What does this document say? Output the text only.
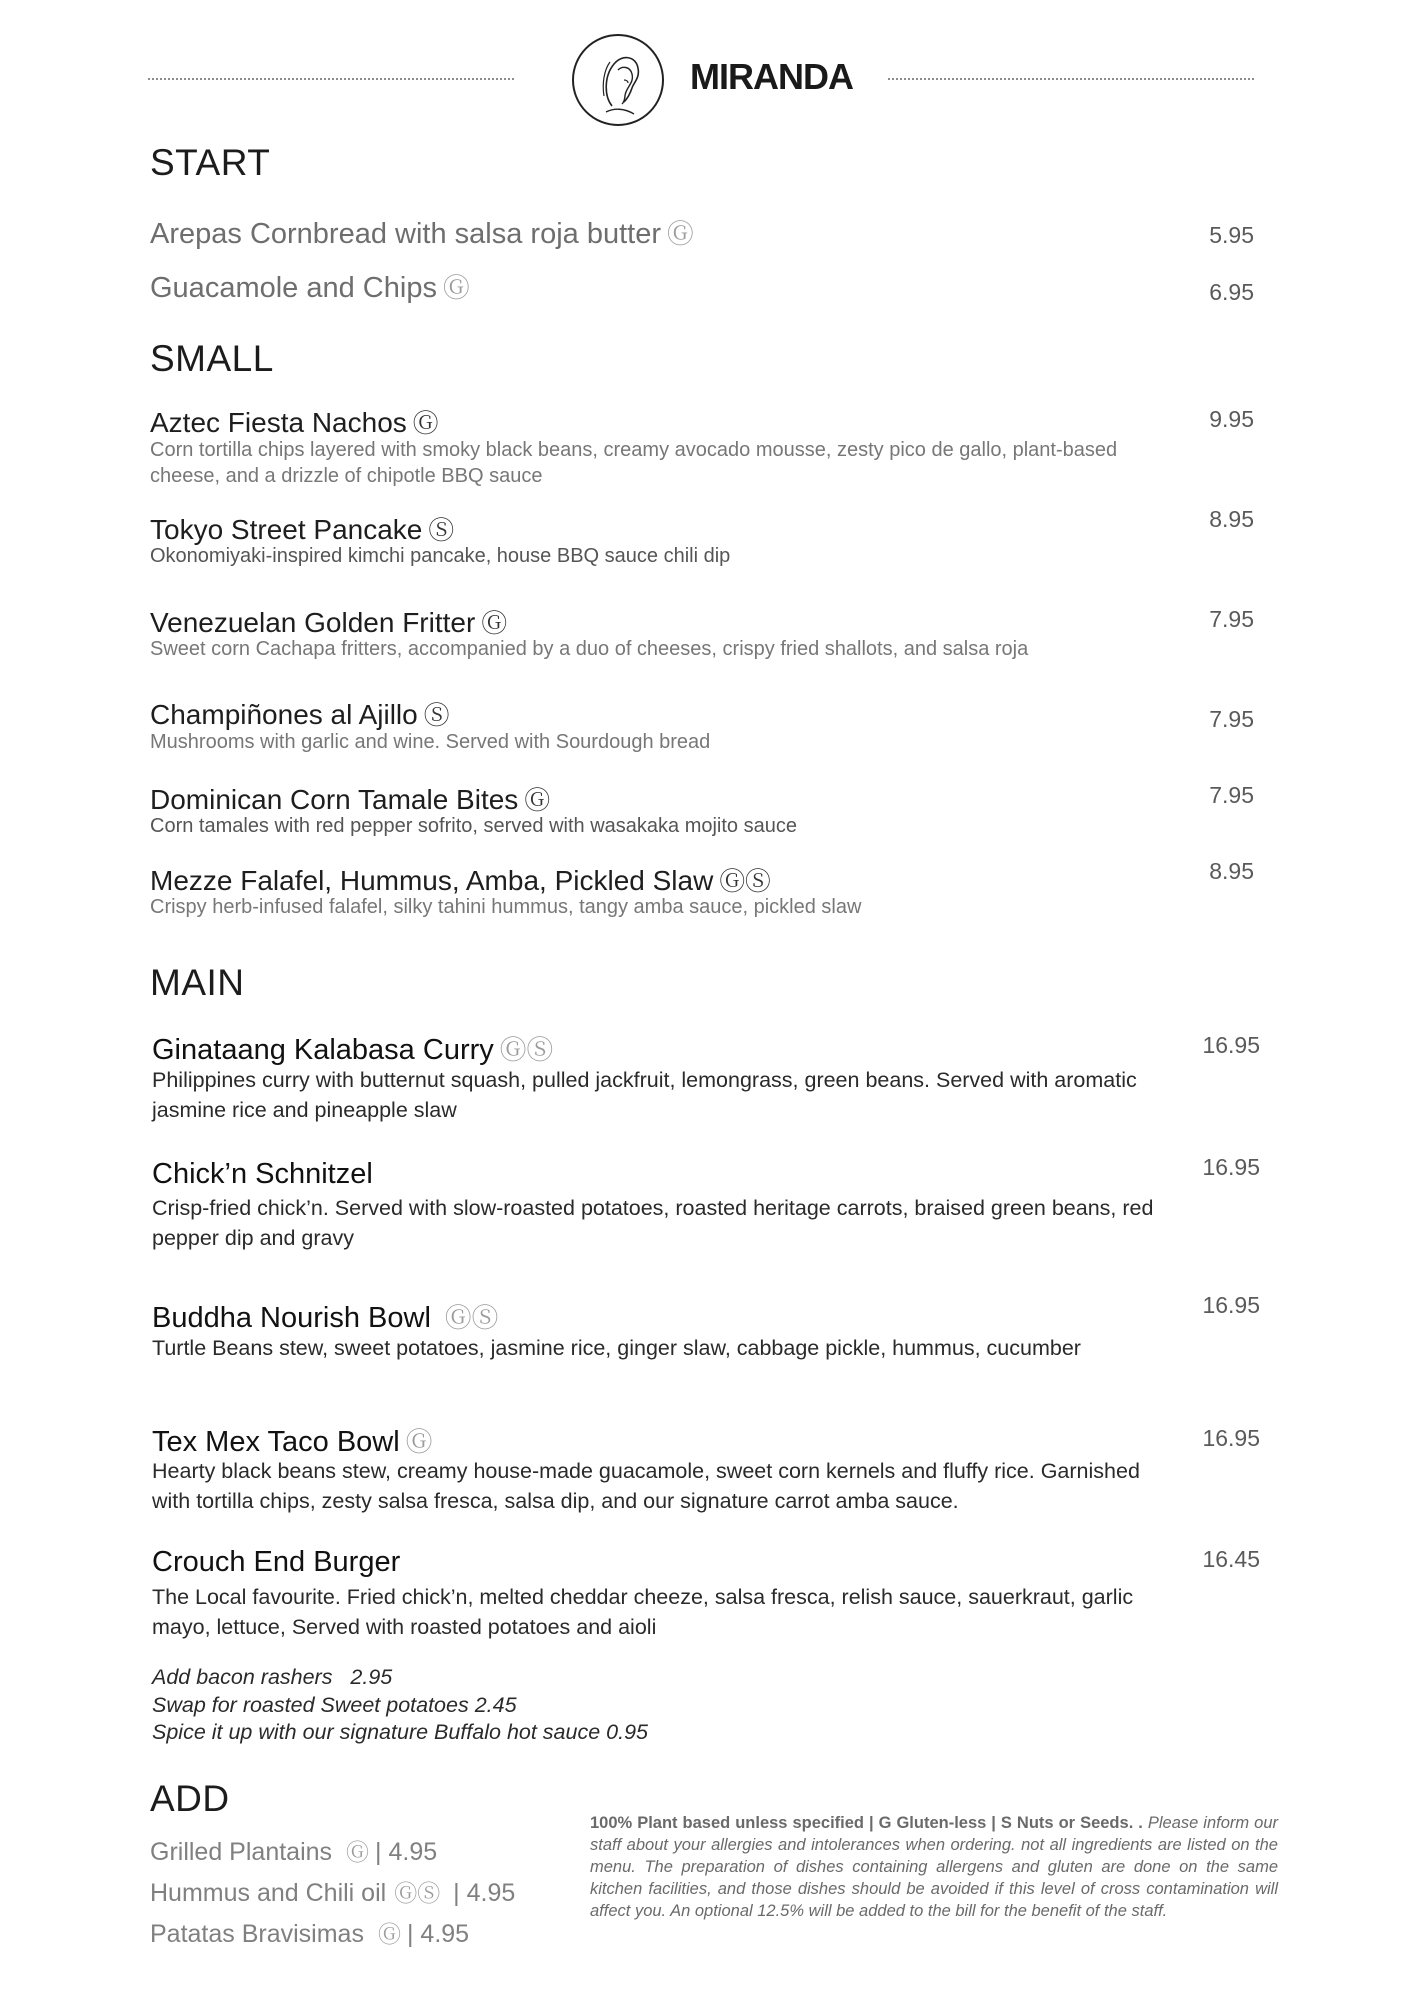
MIRANDA
START
Arepas Cornbread with salsa roja butter Ⓖ	5.95
Guacamole and Chips Ⓖ	6.95
SMALL
Aztec Fiesta Nachos Ⓖ	9.95
Corn tortilla chips layered with smoky black beans, creamy avocado mousse, zesty pico de gallo, plant-based cheese, and a drizzle of chipotle BBQ sauce
Tokyo Street Pancake Ⓢ	8.95
Okonomiyaki-inspired kimchi pancake, house BBQ sauce chili dip
Venezuelan Golden Fritter Ⓖ	7.95
Sweet corn Cachapa fritters, accompanied by a duo of cheeses, crispy fried shallots, and salsa roja
Champiñones al Ajillo Ⓢ	7.95
Mushrooms with garlic and wine. Served with Sourdough bread
Dominican Corn Tamale Bites Ⓖ	7.95
Corn tamales with red pepper sofrito, served with wasakaka mojito sauce
Mezze Falafel, Hummus, Amba, Pickled Slaw ⒼⓈ	8.95
Crispy herb-infused falafel, silky tahini hummus, tangy amba sauce, pickled slaw
MAIN
Ginataang Kalabasa Curry ⒼⓈ	16.95
Philippines curry with butternut squash, pulled jackfruit, lemongrass, green beans. Served with aromatic jasmine rice and pineapple slaw
Chick’n Schnitzel	16.95
Crisp-fried chick’n. Served with slow-roasted potatoes, roasted heritage carrots, braised green beans, red pepper dip and gravy
Buddha Nourish Bowl ⒼⓈ	16.95
Turtle Beans stew, sweet potatoes, jasmine rice, ginger slaw, cabbage pickle, hummus, cucumber
Tex Mex Taco Bowl Ⓖ	16.95
Hearty black beans stew, creamy house-made guacamole, sweet corn kernels and fluffy rice. Garnished with tortilla chips, zesty salsa fresca, salsa dip, and our signature carrot amba sauce.
Crouch End Burger	16.45
The Local favourite. Fried chick’n, melted cheddar cheeze, salsa fresca, relish sauce, sauerkraut, garlic mayo, lettuce, Served with roasted potatoes and aioli
Add bacon rashers   2.95
Swap for roasted Sweet potatoes 2.45
Spice it up with our signature Buffalo hot sauce 0.95
ADD
Grilled Plantains Ⓖ | 4.95
Hummus and Chili oil ⒼⓈ | 4.95
Patatas Bravisimas Ⓖ | 4.95
100% Plant based unless specified | G Gluten-less | S Nuts or Seeds. . Please inform our staff about your allergies and intolerances when ordering. not all ingredients are listed on the menu. The preparation of dishes containing allergens and gluten are done on the same kitchen facilities, and those dishes should be avoided if this level of cross contamination will affect you. An optional 12.5% will be added to the bill for the benefit of the staff.
